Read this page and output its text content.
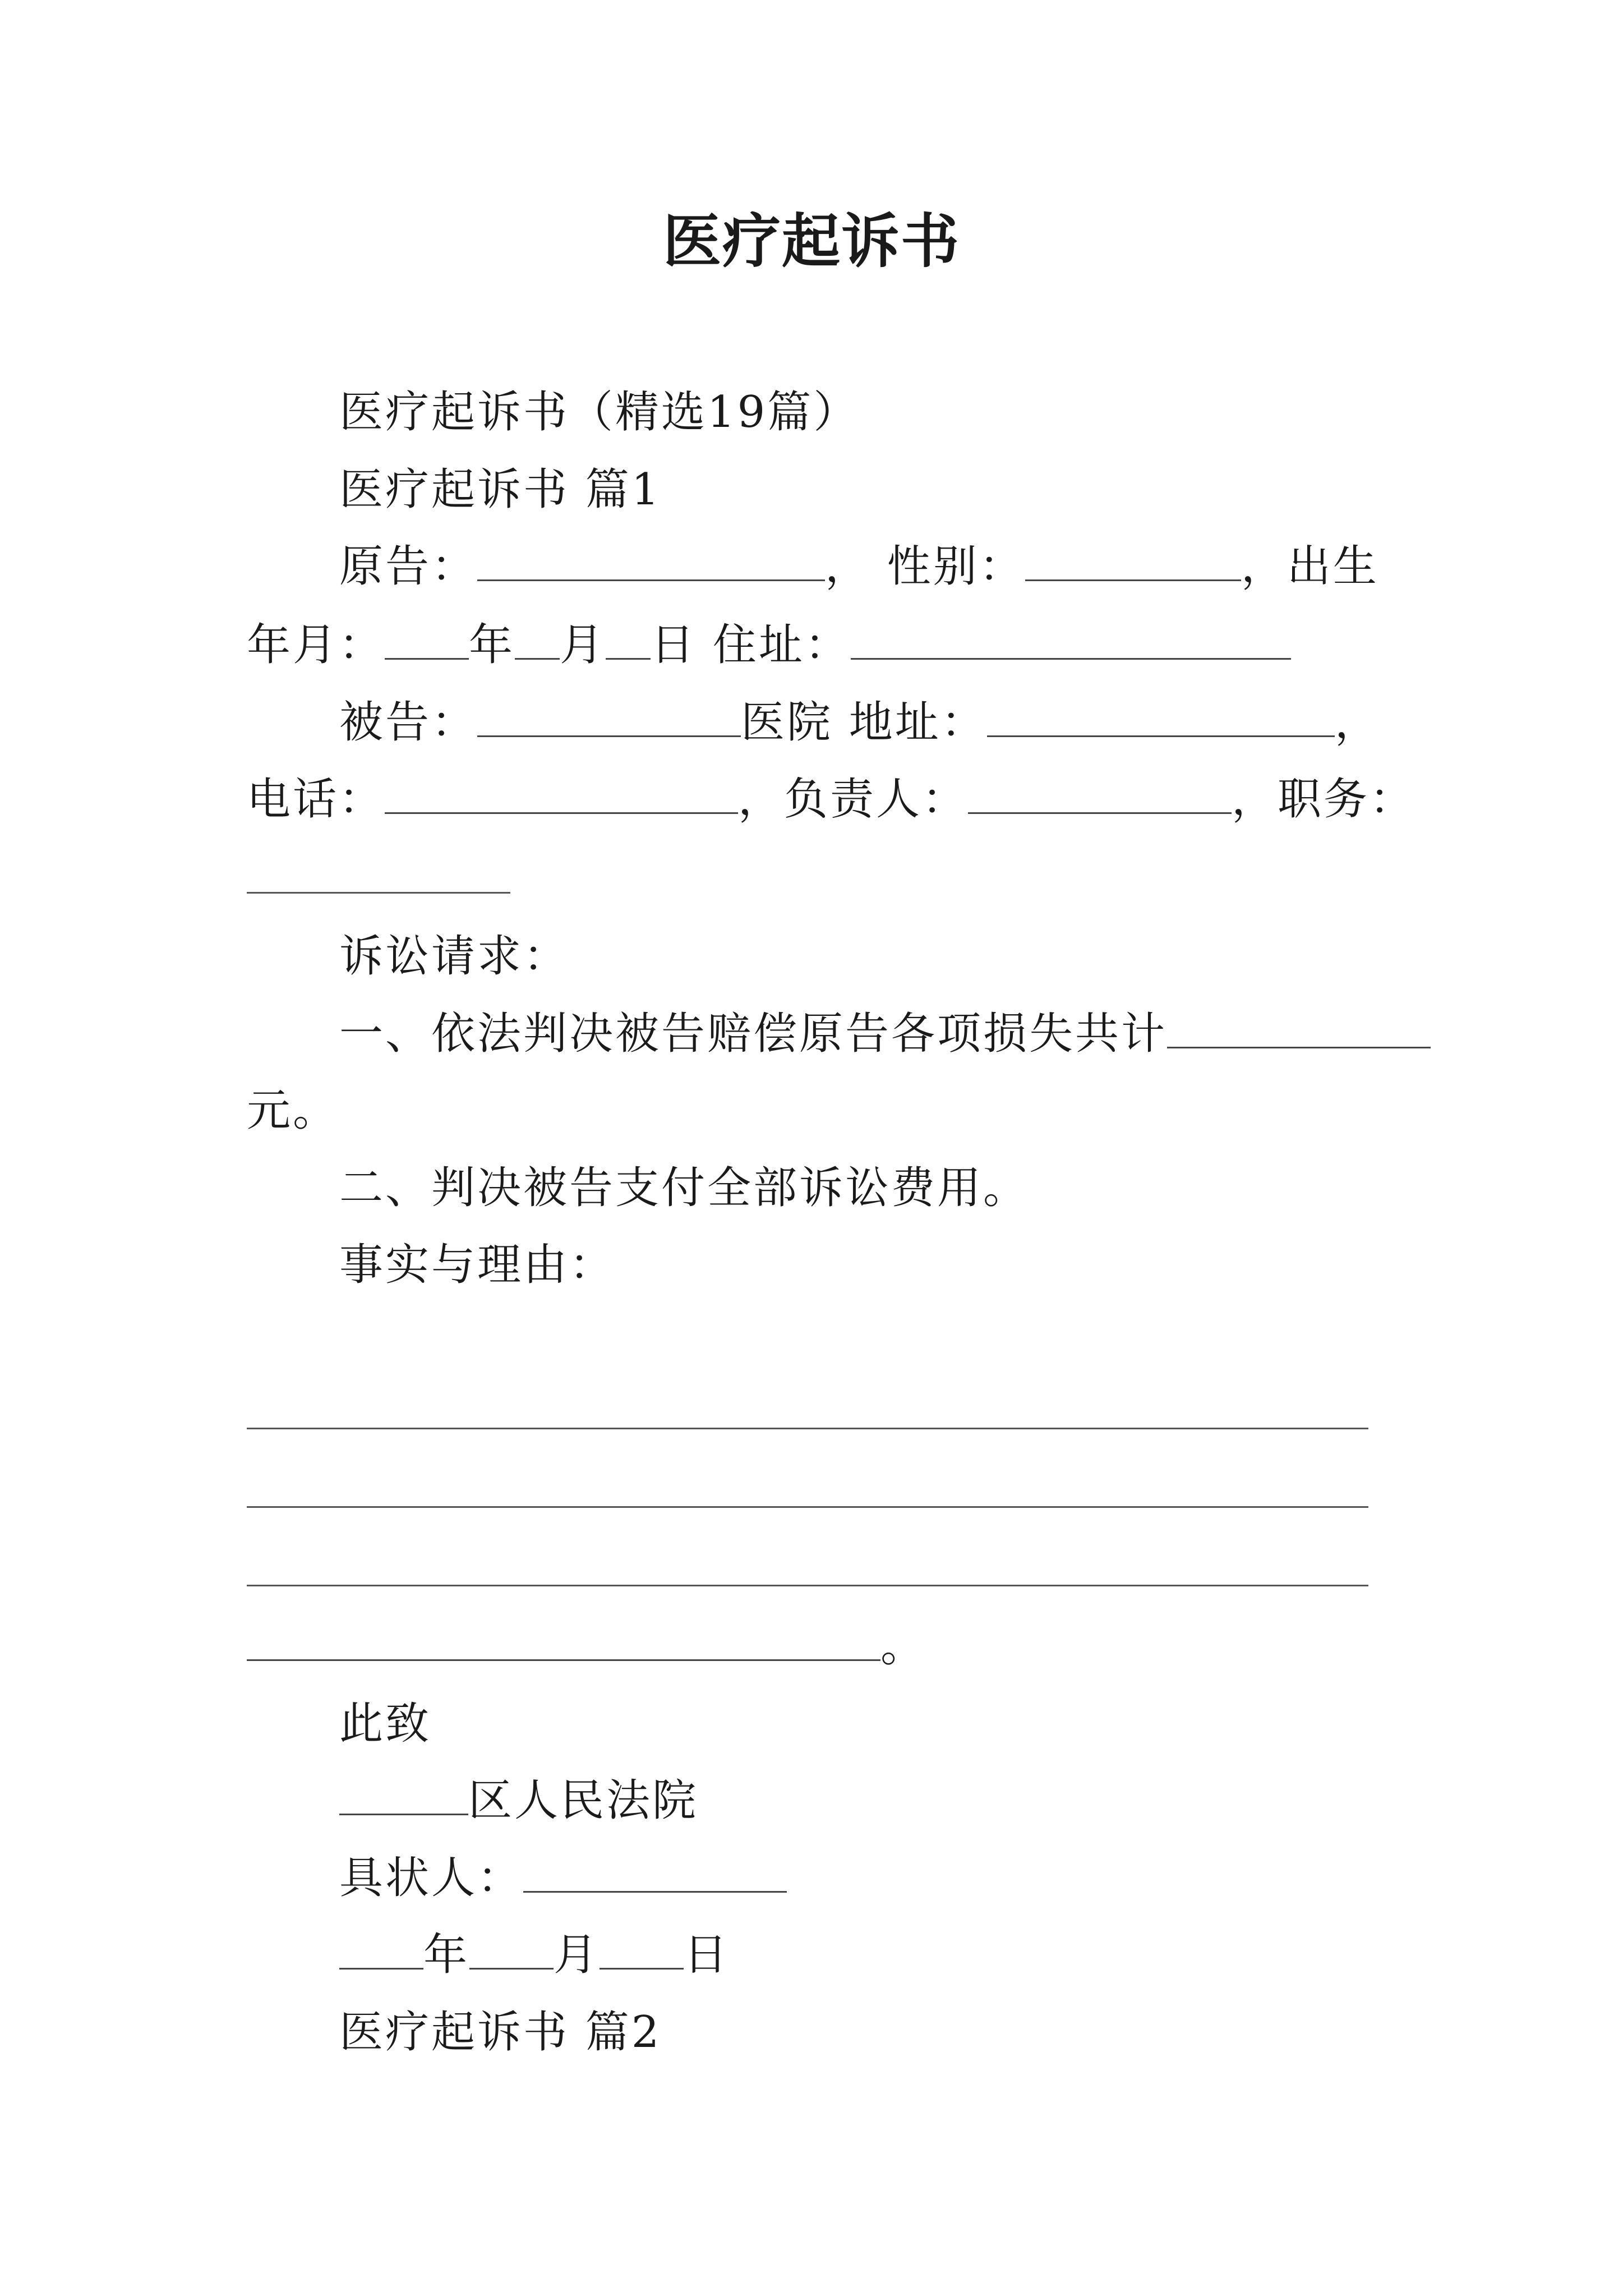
医疗起诉书
医疗起诉书（精选19篇）
医疗起诉书 篇1
原告：	， 性别：	，出生
年月： 年 月 日 住址：
被告：	医院 地址：	，
电话：	，负责人：	，职务：
诉讼请求：
一、依法判决被告赔偿原告各项损失共计
元。
二、判决被告支付全部诉讼费用。
事实与理由：
。
此致
区人民法院
具状人：
年 月 日
医疗起诉书 篇2
